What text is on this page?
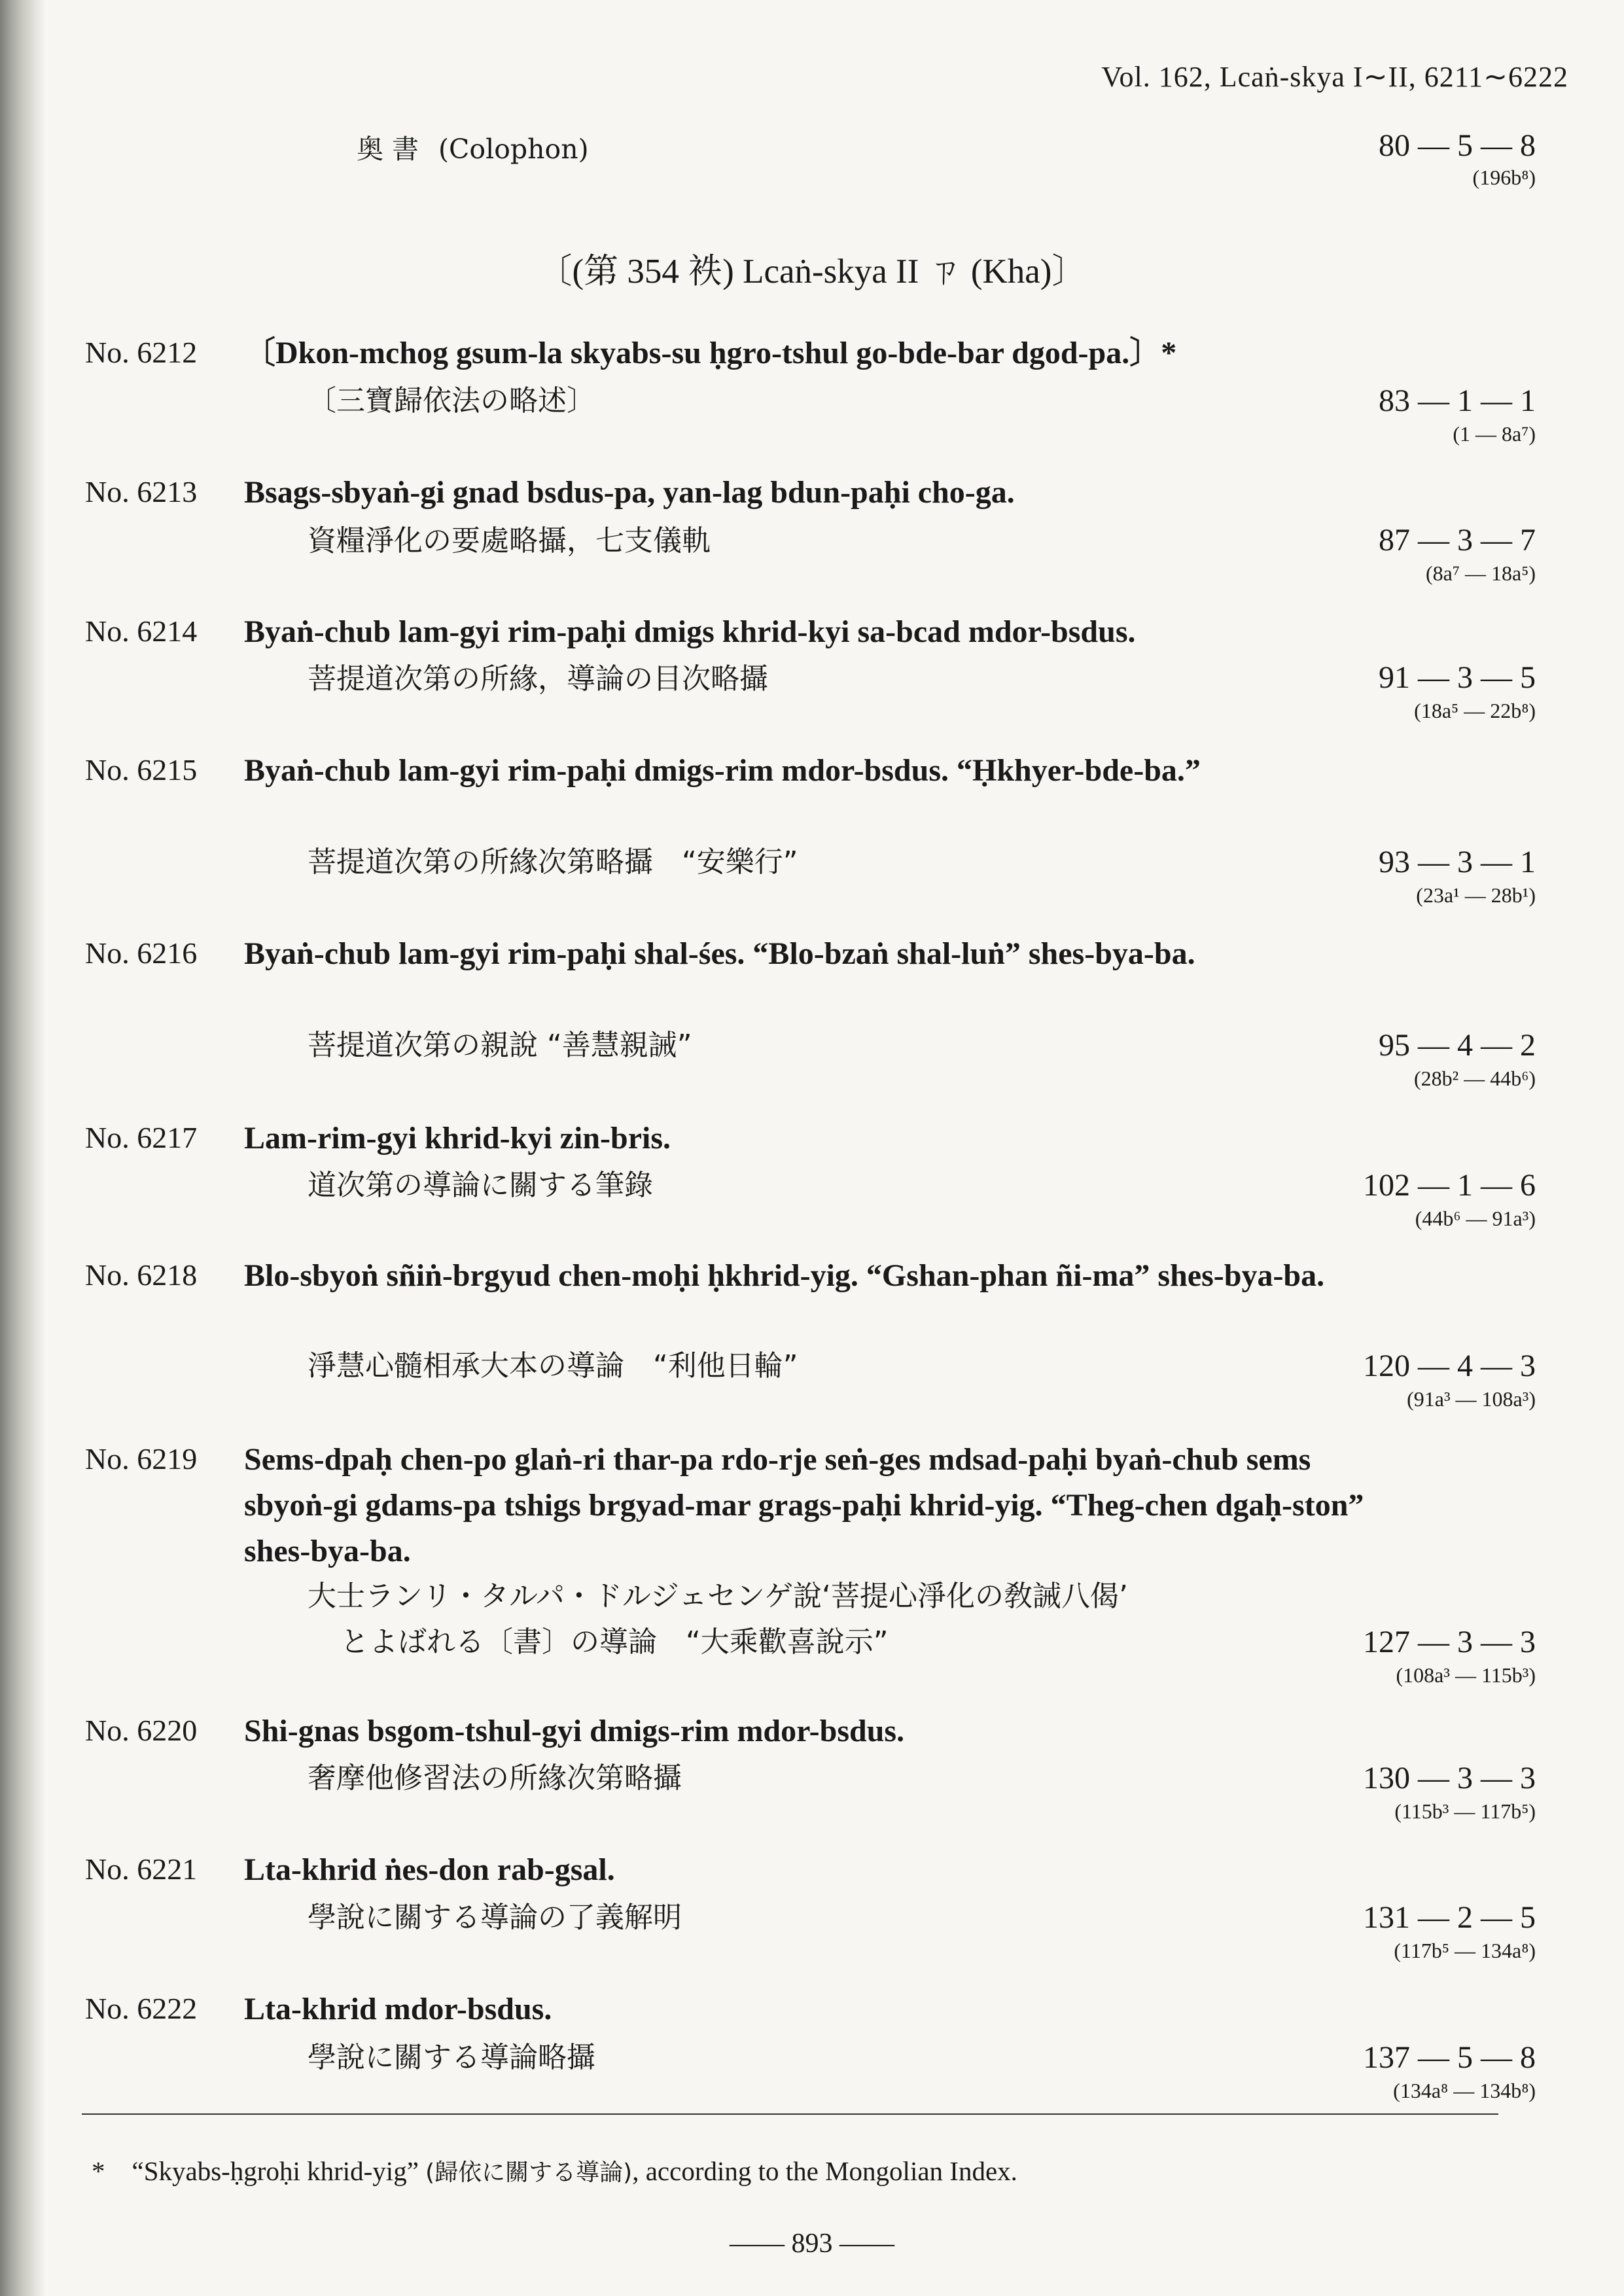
Vol. 162, Lcaṅ-skya I∼II, 6211∼6222
奥 書 (Colophon)	80 — 5 — 8
(196b⁸)
〔(第 354 袟) Lcaṅ-skya II ㄗ (Kha)〕
No. 6212 〔Dkon-mchog gsum-la skyabs-su ḥgro-tshul go-bde-bar dgod-pa.〕*
〔三寶歸依法の略述〕	83 — 1 — 1
(1 — 8a⁷)
No. 6213 Bsags-sbyaṅ-gi gnad bsdus-pa, yan-lag bdun-paḥi cho-ga.
資糧淨化の要處略攝，七支儀軌	87 — 3 — 7
(8a⁷ — 18a⁵)
No. 6214 Byaṅ-chub lam-gyi rim-paḥi dmigs khrid-kyi sa-bcad mdor-bsdus.
菩提道次第の所緣，導論の目次略攝	91 — 3 — 5
(18a⁵ — 22b⁸)
No. 6215 Byaṅ-chub lam-gyi rim-paḥi dmigs-rim mdor-bsdus. “Ḥkhyer-bde-ba.”
菩提道次第の所緣次第略攝　“安樂行”	93 — 3 — 1
(23a¹ — 28b¹)
No. 6216 Byaṅ-chub lam-gyi rim-paḥi shal-śes. “Blo-bzaṅ shal-luṅ” shes-bya-ba.
菩提道次第の親說 “善慧親誡”	95 — 4 — 2
(28b² — 44b⁶)
No. 6217 Lam-rim-gyi khrid-kyi zin-bris.
道次第の導論に關する筆錄	102 — 1 — 6
(44b⁶ — 91a³)
No. 6218 Blo-sbyoṅ sñiṅ-brgyud chen-moḥi ḥkhrid-yig. “Gshan-phan ñi-ma” shes-bya-ba.
淨慧心髓相承大本の導論　“利他日輪”	120 — 4 — 3
(91a³ — 108a³)
No. 6219 Sems-dpaḥ chen-po glaṅ-ri thar-pa rdo-rje seṅ-ges mdsad-paḥi byaṅ-chub sems sbyoṅ-gi gdams-pa tshigs brgyad-mar grags-paḥi khrid-yig. “Theg-chen dgaḥ-ston” shes-bya-ba.
大士ランリ・タルパ・ドルジェセンゲ說‘菩提心淨化の敎誡八偈’
とよばれる〔書〕の導論　“大乘歡喜說示”	127 — 3 — 3
(108a³ — 115b³)
No. 6220 Shi-gnas bsgom-tshul-gyi dmigs-rim mdor-bsdus.
奢摩他修習法の所緣次第略攝	130 — 3 — 3
(115b³ — 117b⁵)
No. 6221 Lta-khrid ṅes-don rab-gsal.
學說に關する導論の了義解明	131 — 2 — 5
(117b⁵ — 134a⁸)
No. 6222 Lta-khrid mdor-bsdus.
學說に關する導論略攝	137 — 5 — 8
(134a⁸ — 134b⁸)
* “Skyabs-ḥgroḥi khrid-yig” (歸依に關する導論), according to the Mongolian Index.
—— 893 ——
